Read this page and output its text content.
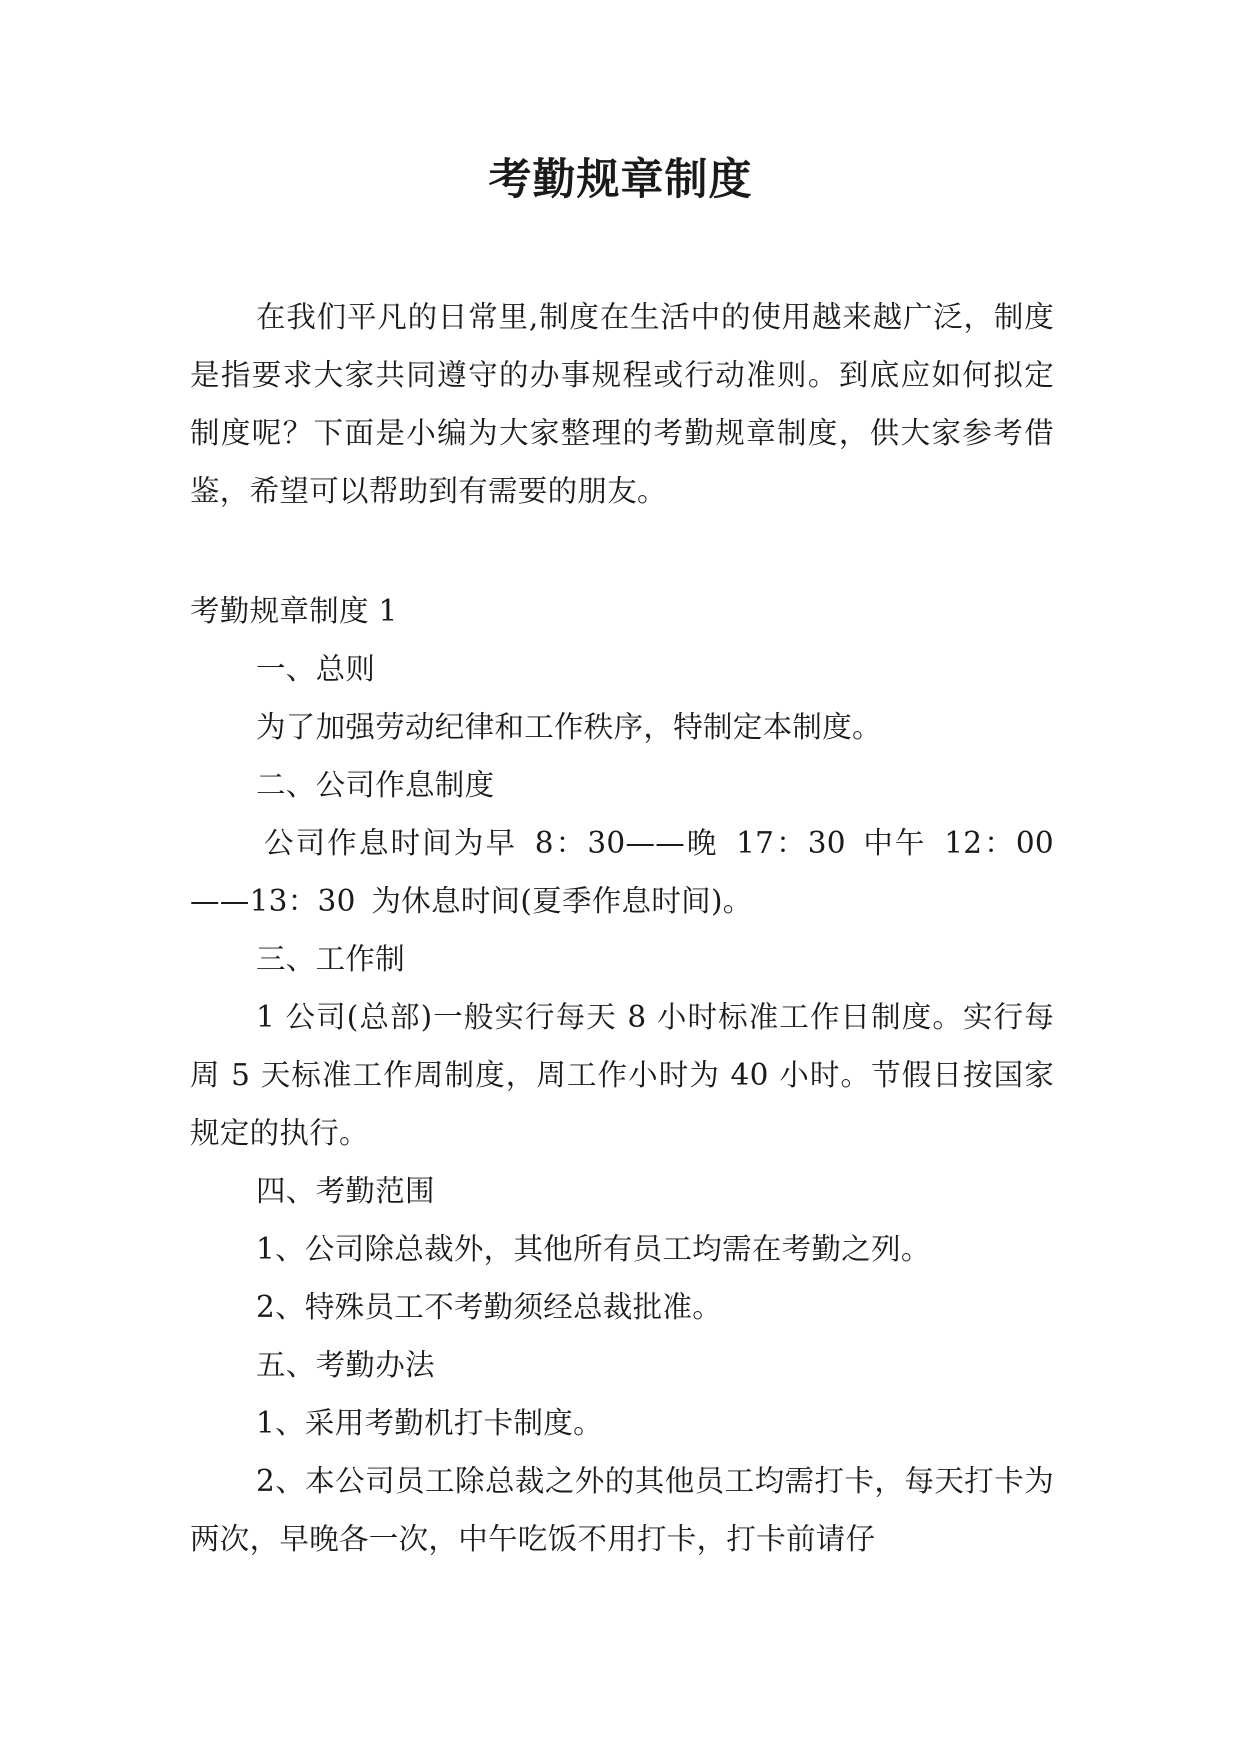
考勤规章制度

在我们平凡的日常里,制度在生活中的使用越来越广泛，制度是指要求大家共同遵守的办事规程或行动准则。到底应如何拟定制度呢？下面是小编为大家整理的考勤规章制度，供大家参考借鉴，希望可以帮助到有需要的朋友。

考勤规章制度 1

一、总则

为了加强劳动纪律和工作秩序，特制定本制度。

二、公司作息制度

公司作息时间为早 8：30——晚 17：30 中午 12：00——13：30 为休息时间(夏季作息时间)。

三、工作制

1 公司(总部)一般实行每天 8 小时标准工作日制度。实行每周 5 天标准工作周制度，周工作小时为 40 小时。节假日按国家规定的执行。

四、考勤范围

1、公司除总裁外，其他所有员工均需在考勤之列。

2、特殊员工不考勤须经总裁批准。

五、考勤办法

1、采用考勤机打卡制度。

2、本公司员工除总裁之外的其他员工均需打卡，每天打卡为两次，早晚各一次，中午吃饭不用打卡，打卡前请仔
